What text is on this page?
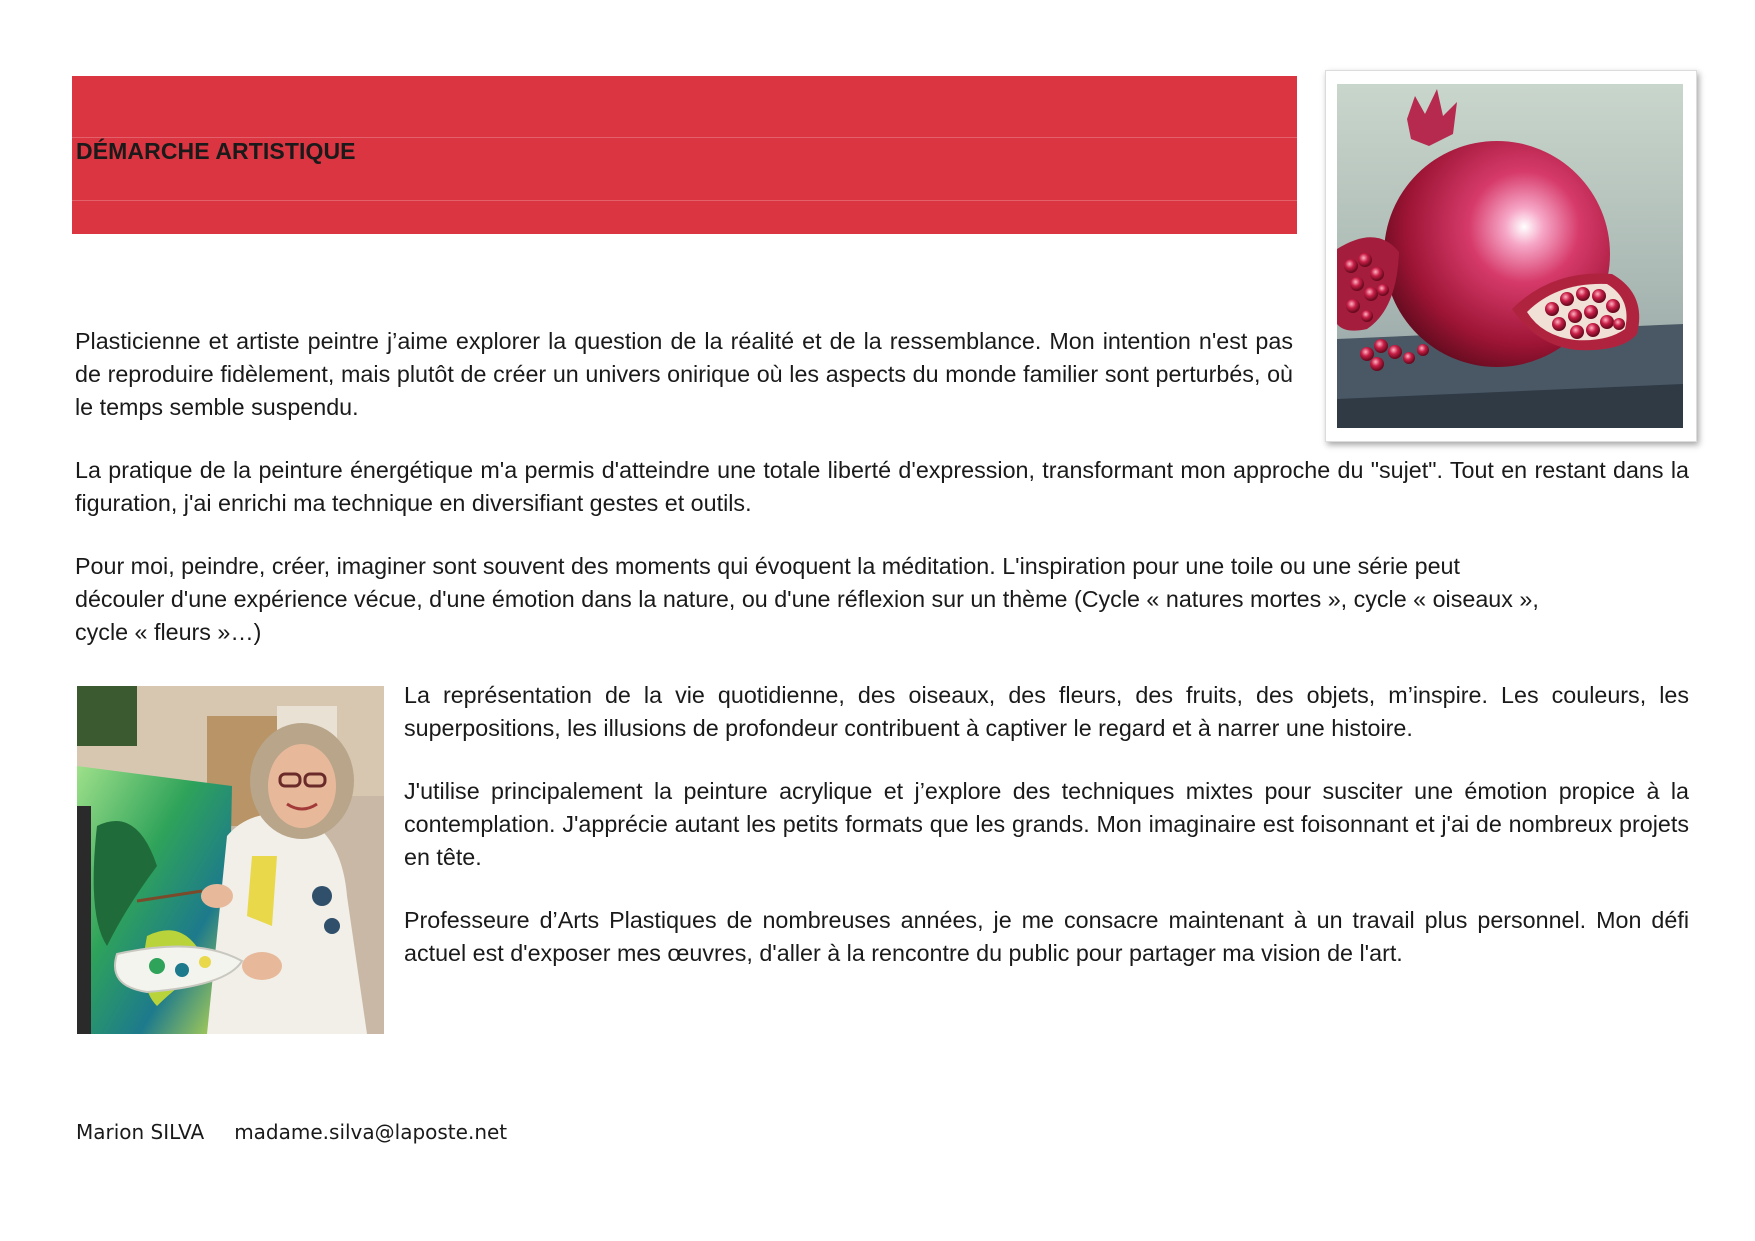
DÉMARCHE ARTISTIQUE

Plasticienne et artiste peintre j’aime explorer la question de la réalité et de la ressemblance. Mon intention n'est pas de reproduire fidèlement, mais plutôt de créer un univers onirique où les aspects du monde familier sont perturbés, où le temps semble suspendu.

La pratique de la peinture énergétique m'a permis d'atteindre une totale liberté d'expression, transformant mon approche du "sujet". Tout en restant dans la figuration, j'ai enrichi ma technique en diversifiant gestes et outils.

Pour moi, peindre, créer, imaginer sont souvent des moments qui évoquent la méditation. L'inspiration pour une toile ou une série peut découler d'une expérience vécue, d'une émotion dans la nature, ou d'une réflexion sur un thème (Cycle « natures mortes », cycle « oiseaux », cycle « fleurs »…)

La représentation de la vie quotidienne, des oiseaux, des fleurs, des fruits, des objets, m’inspire. Les couleurs, les superpositions, les illusions de profondeur contribuent à captiver le regard et à narrer une histoire.

J'utilise principalement la peinture acrylique et j’explore des techniques mixtes pour susciter une émotion propice à la contemplation. J'apprécie autant les petits formats que les grands. Mon imaginaire est foisonnant et j'ai de nombreux projets en tête.

Professeure d’Arts Plastiques de nombreuses années, je me consacre maintenant à un travail plus personnel. Mon défi actuel est d'exposer mes œuvres, d'aller à la rencontre du public pour partager ma vision de l'art.

Marion SILVA madame.silva@laposte.net
